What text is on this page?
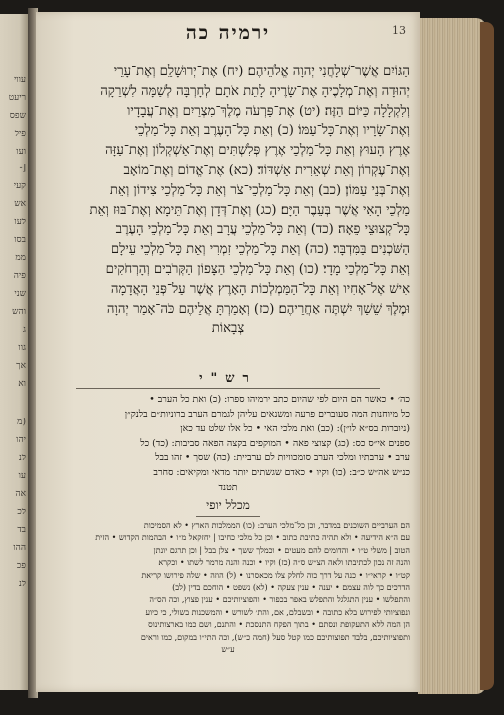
עווי
ריעט
שפס
פיל
ועו
[-
קעי
אש
לעו
בסו
ממ
פיה
שני
והש
ג
גוו
אך
וא
(מ
יהו
לנ
עו
אה
לכ
בד
ההו
פכ
לנ
ירמיה כה	13
הַגּוֹיִם אֲשֶׁר־שְׁלָחֲנִי יְהוָה אֱלֹהֵיהֶם׃ (יח) אֶת־יְרוּשָׁלִַם וְאֶת־עָרֵי
יְהוּדָה וְאֶת־מְלָכֶיהָ אֶת־שָׂרֶיהָ לָתֵת אֹתָם לְחָרְבָּה לְשַׁמָּה לִשְׁרֵקָה
וְלִקְלָלָה כַּיּוֹם הַזֶּה׃ (יט) אֶת־פַּרְעֹה מֶלֶךְ־מִצְרַיִם וְאֶת־עֲבָדָיו
וְאֶת־שָׂרָיו וְאֶת־כָּל־עַמּוֹ׃ (כ) וְאֵת כָּל־הָעֶרֶב וְאֵת כָּל־מַלְכֵי
אֶרֶץ הָעוּץ וְאֵת כָּל־מַלְכֵי אֶרֶץ פְּלִשְׁתִּים וְאֶת־אַשְׁקְלוֹן וְאֶת־עַזָּה
וְאֶת־עֶקְרוֹן וְאֵת שְׁאֵרִית אַשְׁדּוֹד׃ (כא) אֶת־אֱדוֹם וְאֶת־מוֹאָב
וְאֶת־בְּנֵי עַמּוֹן׃ (כב) וְאֵת כָּל־מַלְכֵי־צֹר וְאֵת כָּל־מַלְכֵי צִידוֹן וְאֵת
מַלְכֵי הָאִי אֲשֶׁר בְּעֵבֶר הַיָּם׃ (כג) וְאֶת־דְּדָן וְאֶת־תֵּימָא וְאֶת־בּוּז וְאֵת
כָּל־קְצוּצֵי פֵאָה׃ (כד) וְאֵת כָּל־מַלְכֵי עֲרָב וְאֵת כָּל־מַלְכֵי הָעֶרֶב
הַשֹּׁכְנִים בַּמִּדְבָּר׃ (כה) וְאֵת כָּל־מַלְכֵי זִמְרִי וְאֵת כָּל־מַלְכֵי עֵילָם
וְאֵת כָּל־מַלְכֵי מָדָי׃ (כו) וְאֵת כָּל־מַלְכֵי הַצָּפוֹן הַקְּרֹבִים וְהָרְחֹקִים
אִישׁ אֶל־אָחִיו וְאֵת כָּל־הַמַּמְלְכוֹת הָאָרֶץ אֲשֶׁר עַל־פְּנֵי הָאֲדָמָה
וּמֶלֶךְ שֵׁשַׁךְ יִשְׁתֶּה אַחֲרֵיהֶם׃ (כז) וְאָמַרְתָּ אֲלֵיהֶם כֹּה־אָמַר יְהוָה
צְבָאוֹת
רש"י
כה׳ • כאשר הם היום לפי שהיום כתב ירמיהו ספרו: (כ) ואת כל הערב •
כל מיוחנות המה סעוברים פרעה ומשנאים עליהן לגמרם הערב ברוניות״ם בלנק״ן
(ניוברות בס״א לו״ן): (כב) ואת מלכי האי • כל אלו שלט עד כאן
ספנים אי״ס כס: (כג) קצוצי פאה • המוקפים בקצה הפאה סביבות: (כד) כל
ערב • ערבתיו ומלכי הערב סומכוויות לם ערביית: (כה) שסך • זהו בבל
כנ״ש אה״ש כ״ב: (כו) וקיו • כאדם שגשתים יותר מדאי ומקיאים: סחרב
תטנד
מכלל יופי
הם הערביים השוכנים במדבר, וכן כל־מלכי הערב: (כו) הממלכות הארץ • לא הסמיכות
עם ה״א הידיעה • ולא תהיה כתיבת כתוב • וכן כל מלכי כחיבו | יחזקאל מ״ו • הבהמות הקדוש • הזית
הטוב | משלי ט״ו • והדומים להם מעטים • וכמלך ששך • צלן בבל | וכן תרגם יונתן
והנה זה נכון לכתיבתו ולאה הצ״ש ס״ה (כז) וקיו • וכנה והנה מרמר לשתו • וכקרא
קט״ו • קראי״ו • כנה על דרך כוה לחלק צלו מכאסרנו • (ל) הוזה • שלה פירושו קריאת
הדרכים כך לוה עצמם • יענה • ענין צעקה • (לא) נשפט • הוחכם בדין (לב)
והתפלשו • ענין התגלגל והתפלש באפר בכפור • והפוציותיכם • ענין פצוץ, וכה הס״ה
ונפוציותי לפירוש בלא כתובה • ובשבלם, אם, והת׳ לשורש • והמשכנות בשולי, כי כיוע
הן המה ללא התעקופת ונסתם • בתוך הפקח התנסכת • והתנם, ושם כמו בארצותינוס
ותפוציותיכם, בלבד תפוצותיכם כמו קטל סעל (חמה כ״ש), וכה התי״ו במקום, כמו וראים
ע״ש
